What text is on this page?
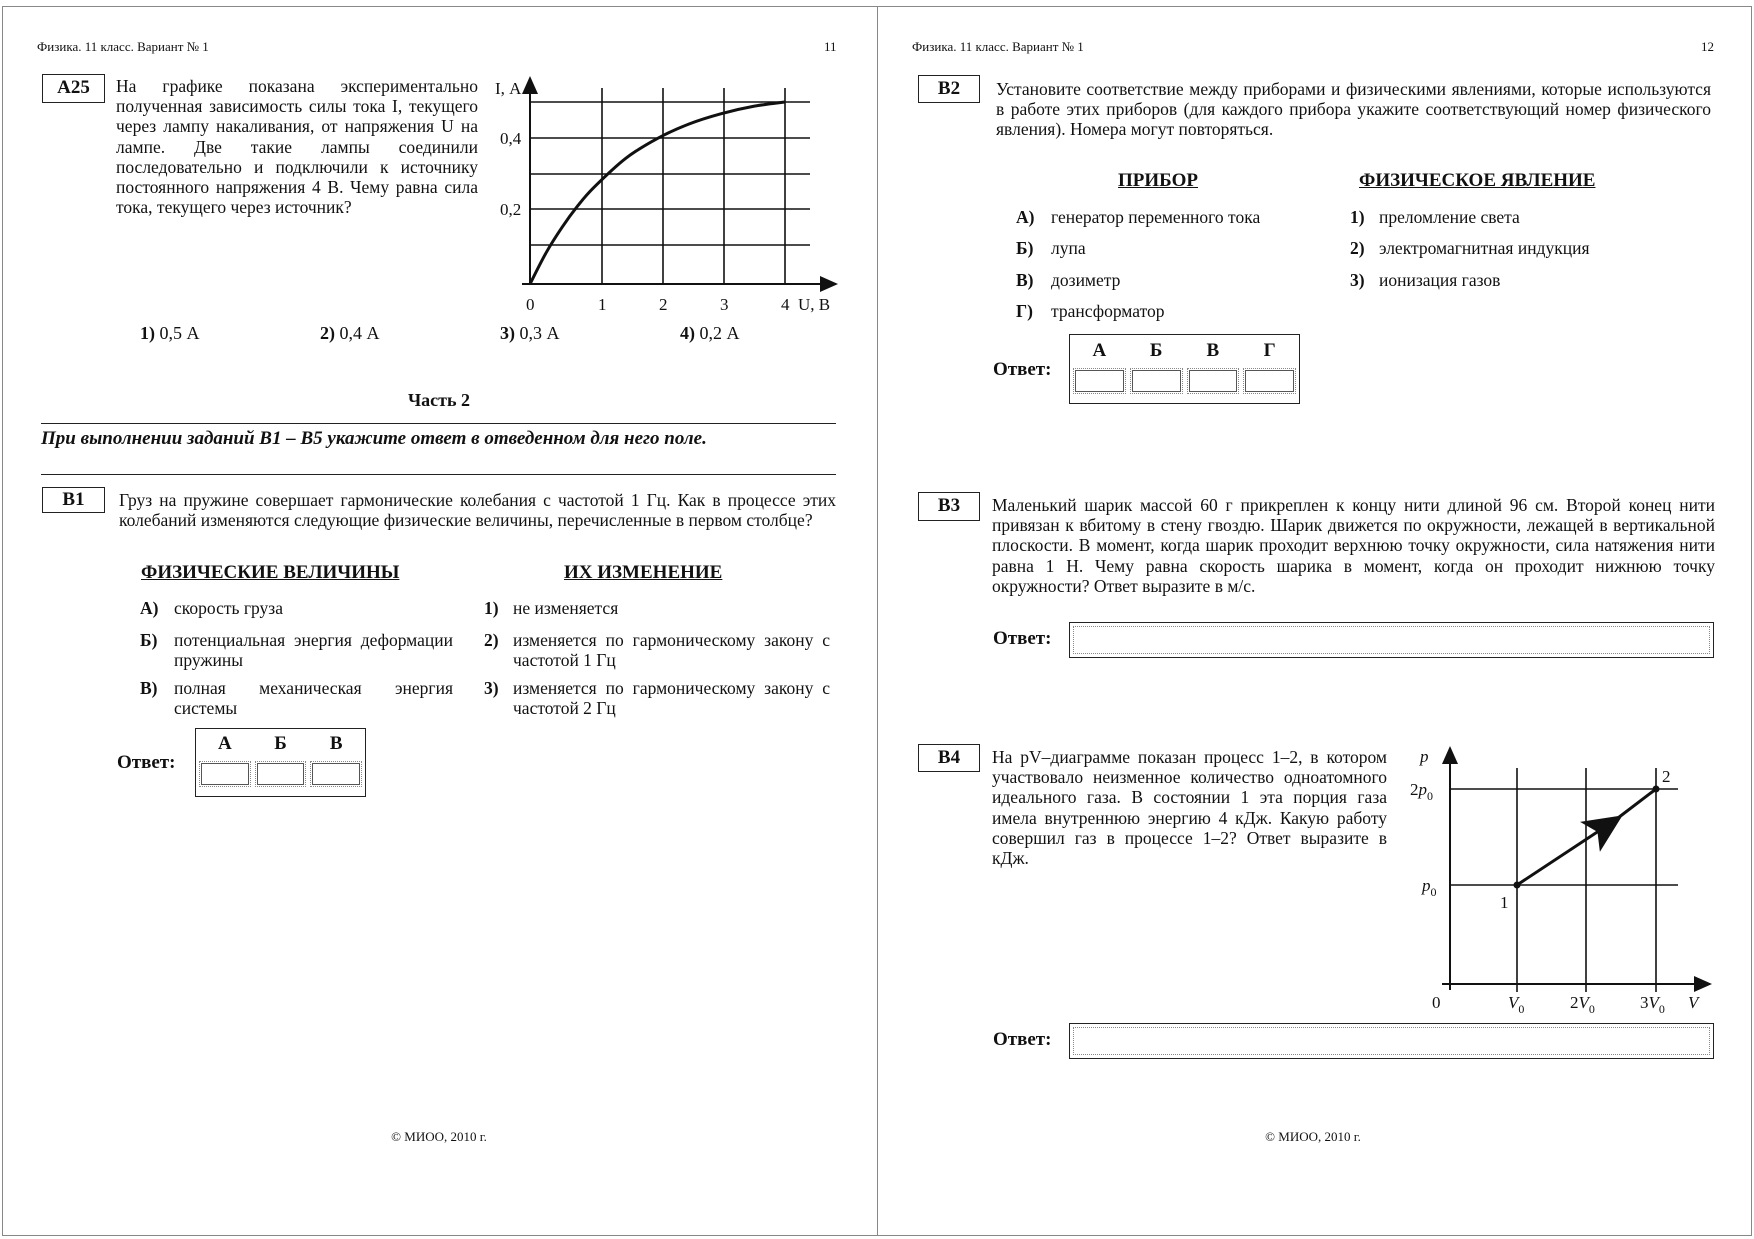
Физика. 11 класс. Вариант № 1	11
А25	На графике показана экспериментально полученная зависимость силы тока I, текущего через лампу накаливания, от напряжения U на лампе. Две такие лампы соединили последовательно и подключили к источнику постоянного напряжения 4 В. Чему равна сила тока, текущего через источник?
I, А
0,4
0,2
0	1	2	3	4 U, В
1) 0,5 А	2) 0,4 А	3) 0,3 А	4) 0,2 А
Часть 2
При выполнении заданий В1 – В5 укажите ответ в отведенном для него поле.
В1	Груз на пружине совершает гармонические колебания с частотой 1 Гц. Как в процессе этих колебаний изменяются следующие физические величины, перечисленные в первом столбце?
ФИЗИЧЕСКИЕ ВЕЛИЧИНЫ	ИХ ИЗМЕНЕНИЕ
А) скорость груза
Б) потенциальная энергия деформации пружины
В) полная механическая энергия системы
1) не изменяется
2) изменяется по гармоническому закону с частотой 1 Гц
3) изменяется по гармоническому закону с частотой 2 Гц
Ответ:
А	Б	В
© МИОО, 2010 г.
Физика. 11 класс. Вариант № 1	12
В2	Установите соответствие между приборами и физическими явлениями, которые используются в работе этих приборов (для каждого прибора укажите соответствующий номер физического явления). Номера могут повторяться.
ПРИБОР	ФИЗИЧЕСКОЕ ЯВЛЕНИЕ
А) генератор переменного тока
Б) лупа
В) дозиметр
Г) трансформатор
1) преломление света
2) электромагнитная индукция
3) ионизация газов
Ответ:
А	Б	В	Г
В3	Маленький шарик массой 60 г прикреплен к концу нити длиной 96 см. Второй конец нити привязан к вбитому в стену гвоздю. Шарик движется по окружности, лежащей в вертикальной плоскости. В момент, когда шарик проходит верхнюю точку окружности, сила натяжения нити равна 1 Н. Чему равна скорость шарика в момент, когда он проходит нижнюю точку окружности? Ответ выразите в м/с.
Ответ:
В4	На pV–диаграмме показан процесс 1–2, в котором участвовало неизменное количество одноатомного идеального газа. В состоянии 1 эта порция газа имела внутреннюю энергию 4 кДж. Какую работу совершил газ в процессе 1–2? Ответ выразите в кДж.
1
2
p
$2p_0$
$p_0$
0	$V_0$	$2V_0$	$3V_0$ V
Ответ:
© МИОО, 2010 г.
